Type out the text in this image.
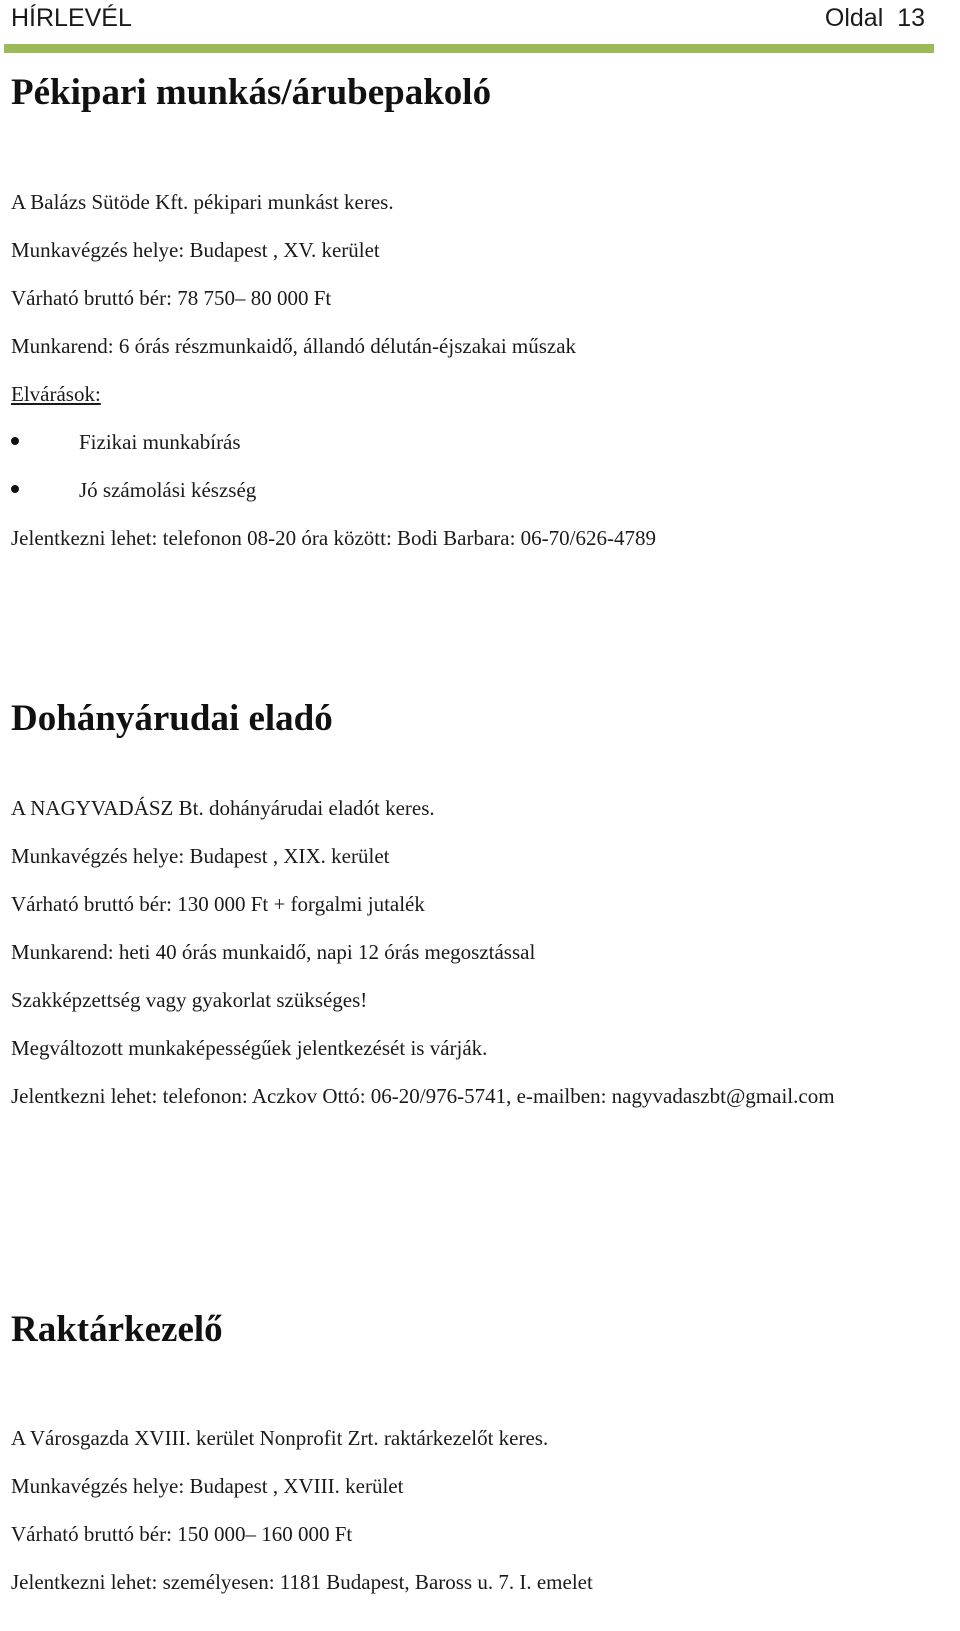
HÍRLEVÉL	Oldal 13
Pékipari munkás/árubepakoló
A Balázs Sütöde Kft. pékipari munkást keres.
Munkavégzés helye: Budapest , XV. kerület
Várható bruttó bér: 78 750– 80 000 Ft
Munkarend: 6 órás részmunkaidő, állandó délután-éjszakai műszak
Elvárások:
Fizikai munkabírás
Jó számolási készség
Jelentkezni lehet: telefonon 08-20 óra között: Bodi Barbara: 06-70/626-4789
Dohányárudai eladó
A NAGYVADÁSZ Bt. dohányárudai eladót keres.
Munkavégzés helye: Budapest , XIX. kerület
Várható bruttó bér: 130 000 Ft + forgalmi jutalék
Munkarend: heti 40 órás munkaidő, napi 12 órás megosztással
Szakképzettség vagy gyakorlat szükséges!
Megváltozott munkaképességűek jelentkezését is várják.
Jelentkezni lehet: telefonon: Aczkov Ottó: 06-20/976-5741, e-mailben: nagyvadaszbt@gmail.com
Raktárkezelő
A Városgazda XVIII. kerület Nonprofit Zrt. raktárkezelőt keres.
Munkavégzés helye: Budapest , XVIII. kerület
Várható bruttó bér: 150 000– 160 000 Ft
Jelentkezni lehet: személyesen: 1181 Budapest, Baross u. 7. I. emelet
